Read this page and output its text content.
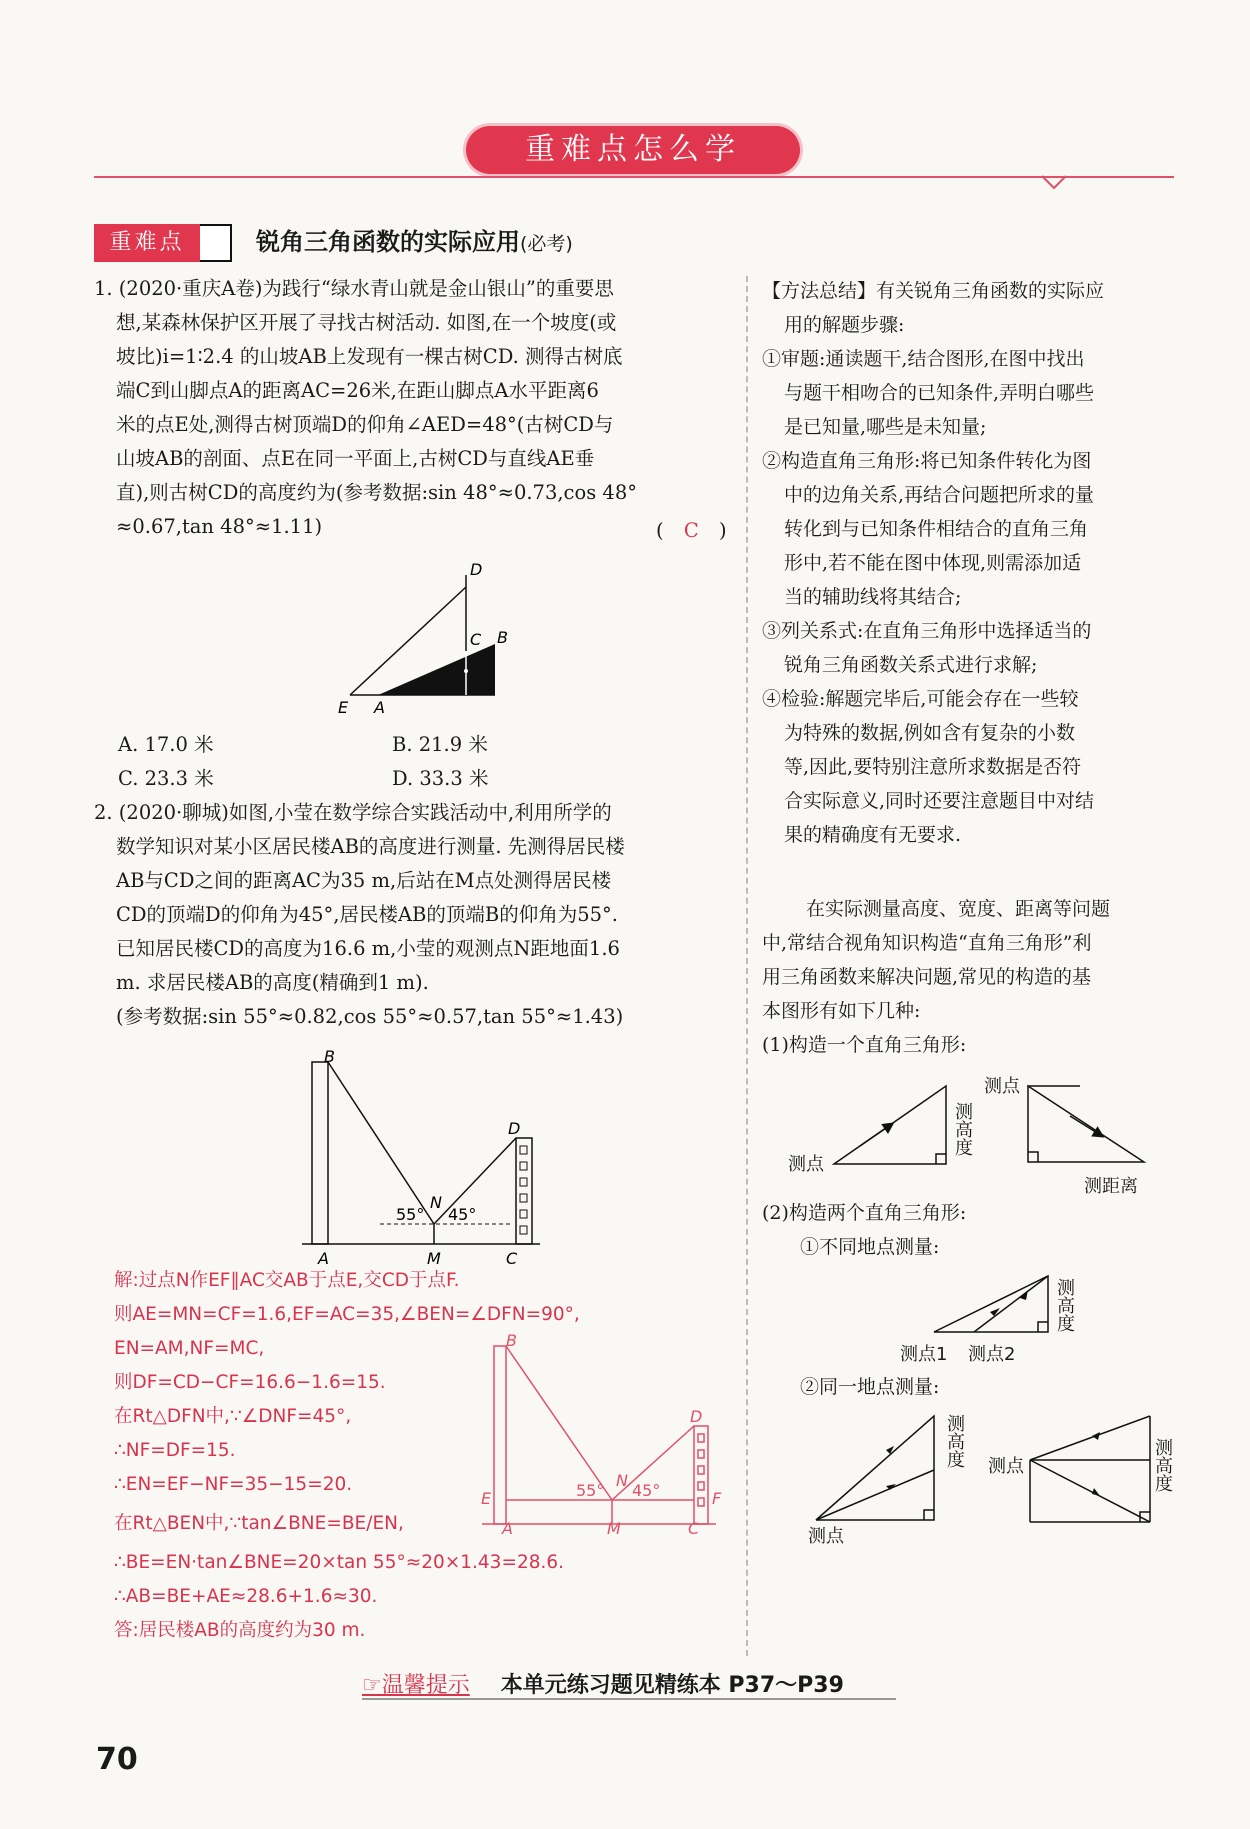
重难点怎么学
重难点	锐角三角函数的实际应用(必考)
1. (2020·重庆A卷)为践行“绿水青山就是金山银山”的重要思
想,某森林保护区开展了寻找古树活动. 如图,在一个坡度(或
坡比)i=1∶2.4 的山坡AB上发现有一棵古树CD. 测得古树底
端C到山脚点A的距离AC=26米,在距山脚点A水平距离6
米的点E处,测得古树顶端D的仰角∠AED=48°(古树CD与
山坡AB的剖面、点E在同一平面上,古树CD与直线AE垂
直),则古树CD的高度约为(参考数据:sin 48°≈0.73,cos 48°
≈0.67,tan 48°≈1.11)	( C )
D
C B
E A
A. 17.0 米	B. 21.9 米
C. 23.3 米	D. 33.3 米
2. (2020·聊城)如图,小莹在数学综合实践活动中,利用所学的
数学知识对某小区居民楼AB的高度进行测量. 先测得居民楼
AB与CD之间的距离AC为35 m,后站在M点处测得居民楼
CD的顶端D的仰角为45°,居民楼AB的顶端B的仰角为55°.
已知居民楼CD的高度为16.6 m,小莹的观测点N距地面1.6
m. 求居民楼AB的高度(精确到1 m).
(参考数据:sin 55°≈0.82,cos 55°≈0.57,tan 55°≈1.43)
B
D
A	M	C
N
55° 45°
解:过点N作EF∥AC交AB于点E,交CD于点F.
则AE=MN=CF=1.6,EF=AC=35,∠BEN=∠DFN=90°,
EN=AM,NF=MC,
则DF=CD−CF=16.6−1.6=15.
在Rt△DFN中,∵∠DNF=45°,
∴NF=DF=15.
∴EN=EF−NF=35−15=20.
在Rt△BEN中,∵tan∠BNE=BE/EN,
∴BE=EN·tan∠BNE=20×tan 55°≈20×1.43=28.6.
∴AB=BE+AE≈28.6+1.6≈30.
答:居民楼AB的高度约为30 m.
B
D
E	F
A	M	C
N
55° 45°
【方法总结】有关锐角三角函数的实际应
用的解题步骤:
①审题:通读题干,结合图形,在图中找出
与题干相吻合的已知条件,弄明白哪些
是已知量,哪些是未知量;
②构造直角三角形:将已知条件转化为图
中的边角关系,再结合问题把所求的量
转化到与已知条件相结合的直角三角
形中,若不能在图中体现,则需添加适
当的辅助线将其结合;
③列关系式:在直角三角形中选择适当的
锐角三角函数关系式进行求解;
④检验:解题完毕后,可能会存在一些较
为特殊的数据,例如含有复杂的小数
等,因此,要特别注意所求数据是否符
合实际意义,同时还要注意题目中对结
果的精确度有无要求.
在实际测量高度、宽度、距离等问题
中,常结合视角知识构造“直角三角形”利
用三角函数来解决问题,常见的构造的基
本图形有如下几种:
(1)构造一个直角三角形:
测点
测高度
测点
测距离
(2)构造两个直角三角形:
①不同地点测量:
测高度
测点1 测点2
②同一地点测量:
测点
测高度 测点	测高度
☞温馨提示 本单元练习题见精练本 P37～P39
70
